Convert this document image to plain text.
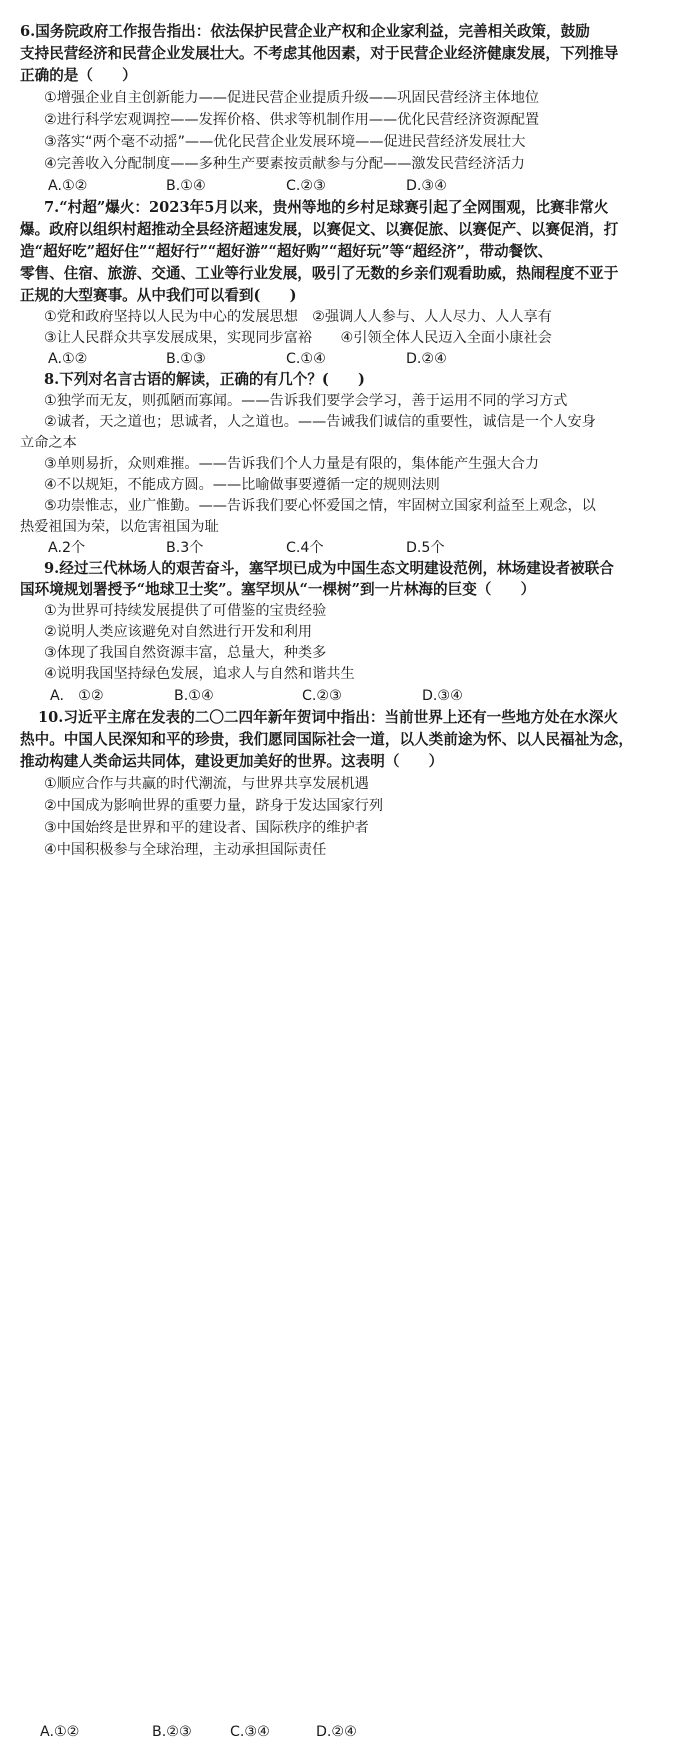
6.国务院政府工作报告指出：依法保护民营企业产权和企业家利益，完善相关政策，鼓励
支持民营经济和民营企业发展壮大。不考虑其他因素，对于民营企业经济健康发展，下列推导
正确的是（　　）
①增强企业自主创新能力——促进民营企业提质升级——巩固民营经济主体地位
②进行科学宏观调控——发挥价格、供求等机制作用——优化民营经济资源配置
③落实“两个毫不动摇”——优化民营企业发展环境——促进民营经济发展壮大
④完善收入分配制度——多种生产要素按贡献参与分配——激发民营经济活力
A.①②	B.①④	C.②③	D.③④
7.“村超”爆火：2023年5月以来，贵州等地的乡村足球赛引起了全网围观，比赛非常火
爆。政府以组织村超推动全县经济超速发展，以赛促文、以赛促旅、以赛促产、以赛促消，打
造“超好吃”超好住”“超好行”“超好游”“超好购”“超好玩”等“超经济”，带动餐饮、
零售、住宿、旅游、交通、工业等行业发展，吸引了无数的乡亲们观看助威，热闹程度不亚于
正规的大型赛事。从中我们可以看到(　　)
①党和政府坚持以人民为中心的发展思想　②强调人人参与、人人尽力、人人享有
③让人民群众共享发展成果，实现同步富裕　　④引领全体人民迈入全面小康社会
A.①②	B.①③	C.①④	D.②④
8.下列对名言古语的解读，正确的有几个？(　　)
①独学而无友，则孤陋而寡闻。——告诉我们要学会学习，善于运用不同的学习方式
②诚者，天之道也；思诚者，人之道也。——告诫我们诚信的重要性，诚信是一个人安身
立命之本
③单则易折，众则难摧。——告诉我们个人力量是有限的，集体能产生强大合力
④不以规矩，不能成方圆。——比喻做事要遵循一定的规则法则
⑤功崇惟志，业广惟勤。——告诉我们要心怀爱国之情，牢固树立国家利益至上观念，以
热爱祖国为荣，以危害祖国为耻
A.2个	B.3个	C.4个	D.5个
9.经过三代林场人的艰苦奋斗，塞罕坝已成为中国生态文明建设范例，林场建设者被联合
国环境规划署授予“地球卫士奖”。塞罕坝从“一棵树”到一片林海的巨变（　　）
①为世界可持续发展提供了可借鉴的宝贵经验
②说明人类应该避免对自然进行开发和利用
③体现了我国自然资源丰富，总量大，种类多
④说明我国坚持绿色发展，追求人与自然和谐共生
A.　①②	B.①④	C.②③	D.③④
10.习近平主席在发表的二〇二四年新年贺词中指出：当前世界上还有一些地方处在水深火
热中。中国人民深知和平的珍贵，我们愿同国际社会一道，以人类前途为怀、以人民福祉为念，
推动构建人类命运共同体，建设更加美好的世界。这表明（　　）
①顺应合作与共赢的时代潮流，与世界共享发展机遇
②中国成为影响世界的重要力量，跻身于发达国家行列
③中国始终是世界和平的建设者、国际秩序的维护者
④中国积极参与全球治理，主动承担国际责任
A.①②	B.②③	C.③④	D.②④
